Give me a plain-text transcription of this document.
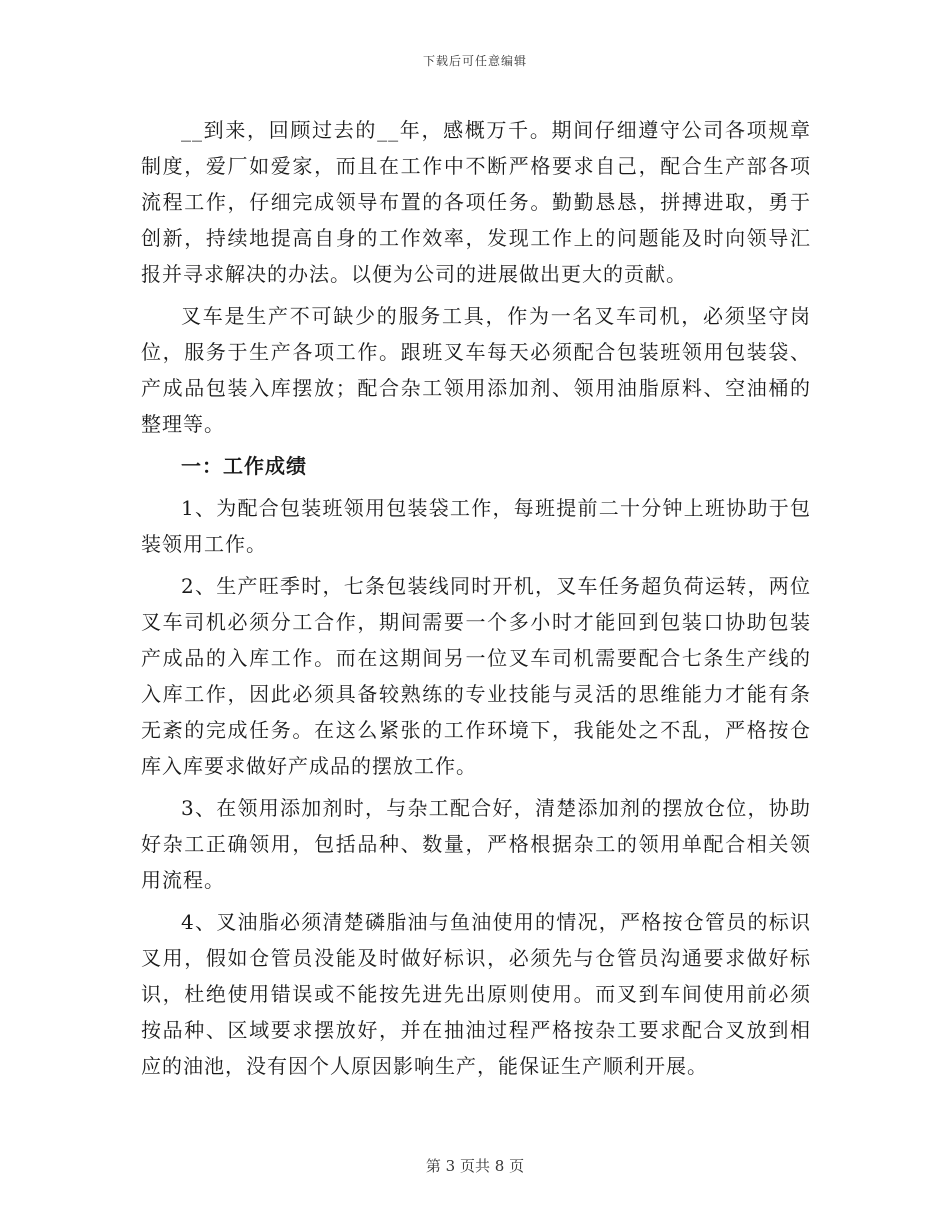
下载后可任意编辑

__到来，回顾过去的__年，感概万千。期间仔细遵守公司各项规章制度，爱厂如爱家，而且在工作中不断严格要求自己，配合生产部各项流程工作，仔细完成领导布置的各项任务。勤勤恳恳，拼搏进取，勇于创新，持续地提高自身的工作效率，发现工作上的问题能及时向领导汇报并寻求解决的办法。以便为公司的进展做出更大的贡献。

叉车是生产不可缺少的服务工具，作为一名叉车司机，必须坚守岗位，服务于生产各项工作。跟班叉车每天必须配合包装班领用包装袋、产成品包装入库摆放；配合杂工领用添加剂、领用油脂原料、空油桶的整理等。

一：工作成绩

1、为配合包装班领用包装袋工作，每班提前二十分钟上班协助于包装领用工作。

2、生产旺季时，七条包装线同时开机，叉车任务超负荷运转，两位叉车司机必须分工合作，期间需要一个多小时才能回到包装口协助包装产成品的入库工作。而在这期间另一位叉车司机需要配合七条生产线的入库工作，因此必须具备较熟练的专业技能与灵活的思维能力才能有条无紊的完成任务。在这么紧张的工作环境下，我能处之不乱，严格按仓库入库要求做好产成品的摆放工作。

3、在领用添加剂时，与杂工配合好，清楚添加剂的摆放仓位，协助好杂工正确领用，包括品种、数量，严格根据杂工的领用单配合相关领用流程。

4、叉油脂必须清楚磷脂油与鱼油使用的情况，严格按仓管员的标识叉用，假如仓管员没能及时做好标识，必须先与仓管员沟通要求做好标识，杜绝使用错误或不能按先进先出原则使用。而叉到车间使用前必须按品种、区域要求摆放好，并在抽油过程严格按杂工要求配合叉放到相应的油池，没有因个人原因影响生产，能保证生产顺利开展。

第 3 页共 8 页
